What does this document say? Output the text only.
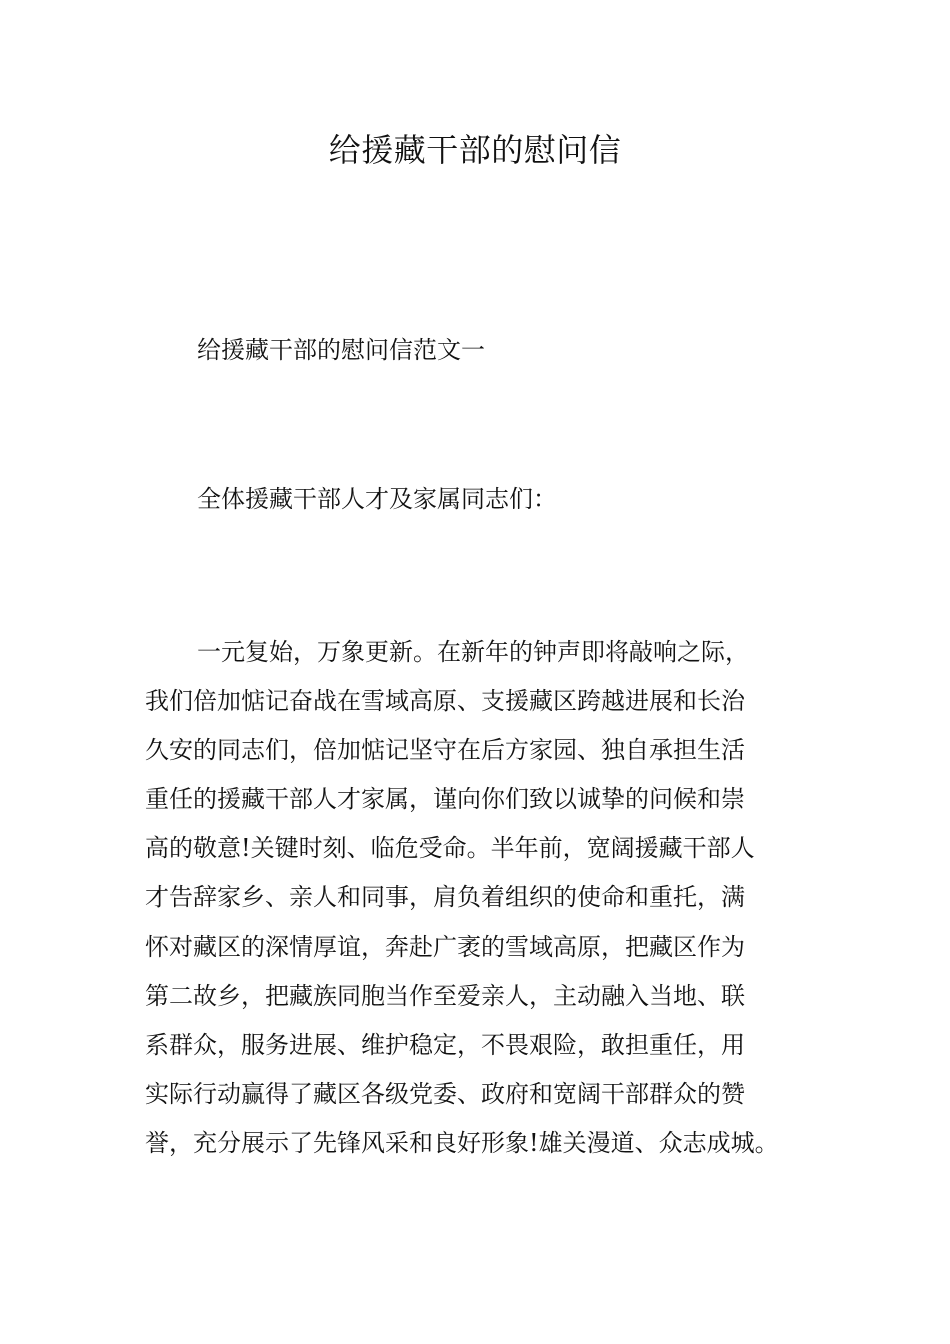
给援藏干部的慰问信
给援藏干部的慰问信范文一
全体援藏干部人才及家属同志们：
一元复始，万象更新。在新年的钟声即将敲响之际，
我们倍加惦记奋战在雪域高原、支援藏区跨越进展和长治
久安的同志们，倍加惦记坚守在后方家园、独自承担生活
重任的援藏干部人才家属，谨向你们致以诚挚的问候和崇
高的敬意!关键时刻、临危受命。半年前，宽阔援藏干部人
才告辞家乡、亲人和同事，肩负着组织的使命和重托，满
怀对藏区的深情厚谊，奔赴广袤的雪域高原，把藏区作为
第二故乡，把藏族同胞当作至爱亲人，主动融入当地、联
系群众，服务进展、维护稳定，不畏艰险，敢担重任，用
实际行动赢得了藏区各级党委、政府和宽阔干部群众的赞
誉，充分展示了先锋风采和良好形象!雄关漫道、众志成城。
